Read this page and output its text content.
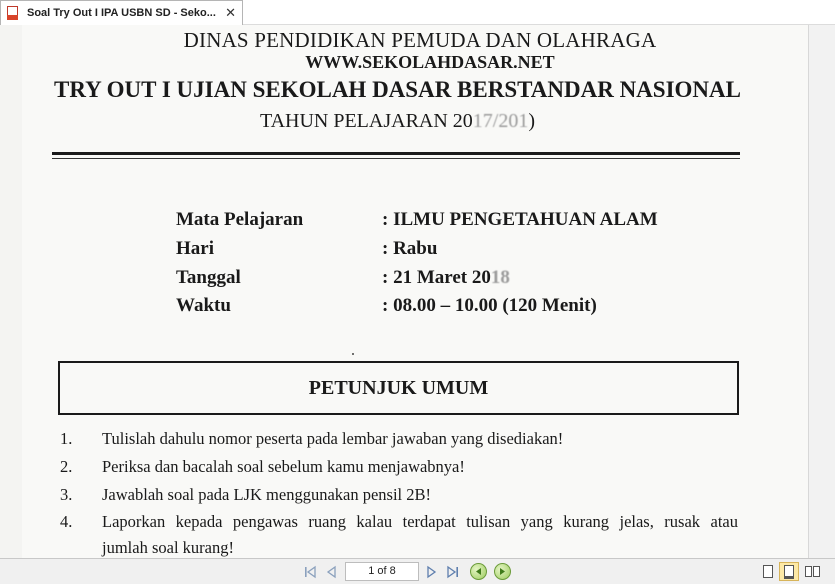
Soal Try Out I IPA USBN SD - Seko... ✕
DINAS PENDIDIKAN PEMUDA DAN OLAHRAGA
WWW.SEKOLAHDASAR.NET
TRY OUT I UJIAN SEKOLAH DASAR BERSTANDAR NASIONAL
TAHUN PELAJARAN 2017/201)
Mata Pelajaran	: ILMU PENGETAHUAN ALAM
Hari	: Rabu
Tanggal	: 21 Maret 2018
Waktu	: 08.00 – 10.00 (120 Menit)
PETUNJUK UMUM
1. Tulislah dahulu nomor peserta pada lembar jawaban yang disediakan!
2. Periksa dan bacalah soal sebelum kamu menjawabnya!
3. Jawablah soal pada LJK menggunakan pensil 2B!
4. Laporkan kepada pengawas ruang kalau terdapat tulisan yang kurang jelas, rusak atau
jumlah soal kurang!
1 of 8
